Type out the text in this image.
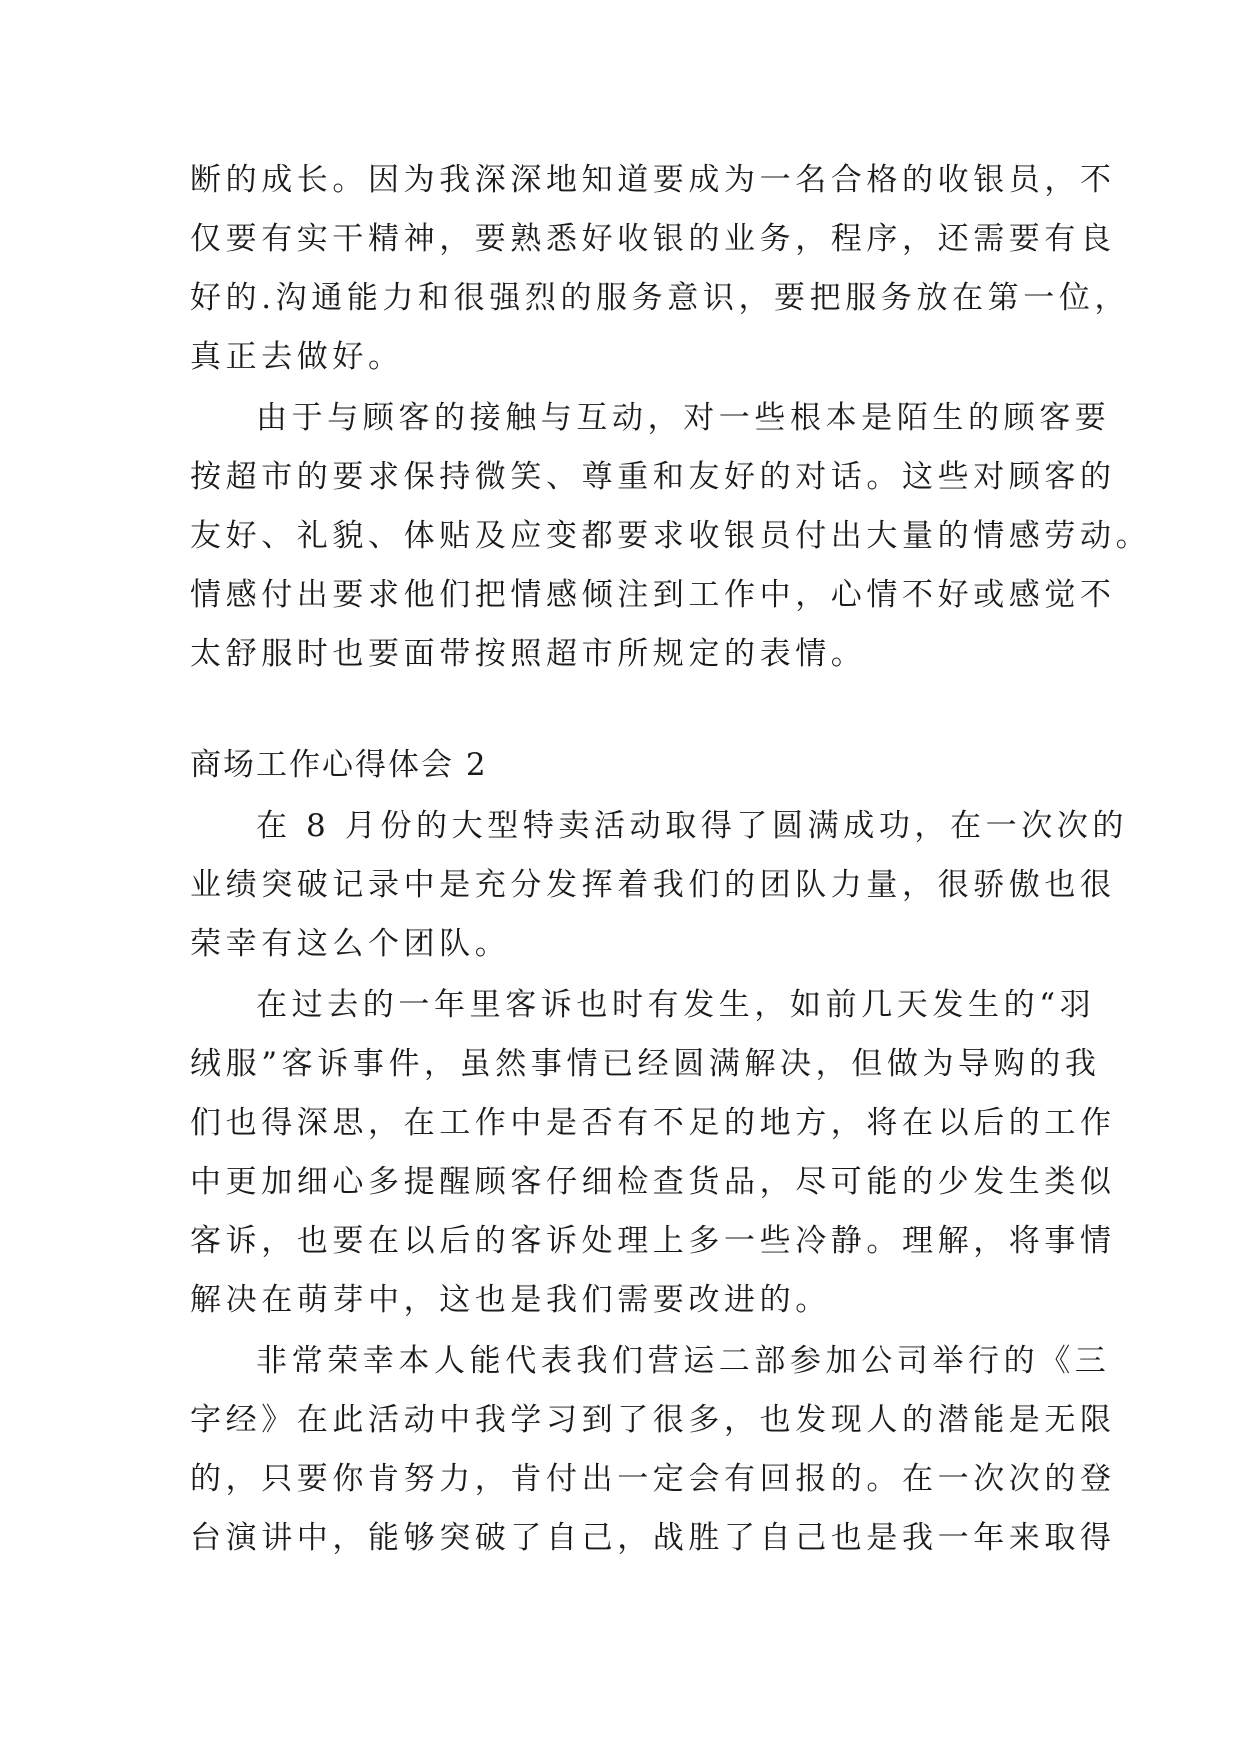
断的成长。因为我深深地知道要成为一名合格的收银员，不
仅要有实干精神，要熟悉好收银的业务，程序，还需要有良
好的.沟通能力和很强烈的服务意识，要把服务放在第一位，
真正去做好。
由于与顾客的接触与互动，对一些根本是陌生的顾客要
按超市的要求保持微笑、尊重和友好的对话。这些对顾客的
友好、礼貌、体贴及应变都要求收银员付出大量的情感劳动。
情感付出要求他们把情感倾注到工作中，心情不好或感觉不
太舒服时也要面带按照超市所规定的表情。
商场工作心得体会 2
在 8 月份的大型特卖活动取得了圆满成功，在一次次的
业绩突破记录中是充分发挥着我们的团队力量，很骄傲也很
荣幸有这么个团队。
在过去的一年里客诉也时有发生，如前几天发生的“羽
绒服”客诉事件，虽然事情已经圆满解决，但做为导购的我
们也得深思，在工作中是否有不足的地方，将在以后的工作
中更加细心多提醒顾客仔细检查货品，尽可能的少发生类似
客诉，也要在以后的客诉处理上多一些冷静。理解，将事情
解决在萌芽中，这也是我们需要改进的。
非常荣幸本人能代表我们营运二部参加公司举行的《三
字经》在此活动中我学习到了很多，也发现人的潜能是无限
的，只要你肯努力，肯付出一定会有回报的。在一次次的登
台演讲中，能够突破了自己，战胜了自己也是我一年来取得
